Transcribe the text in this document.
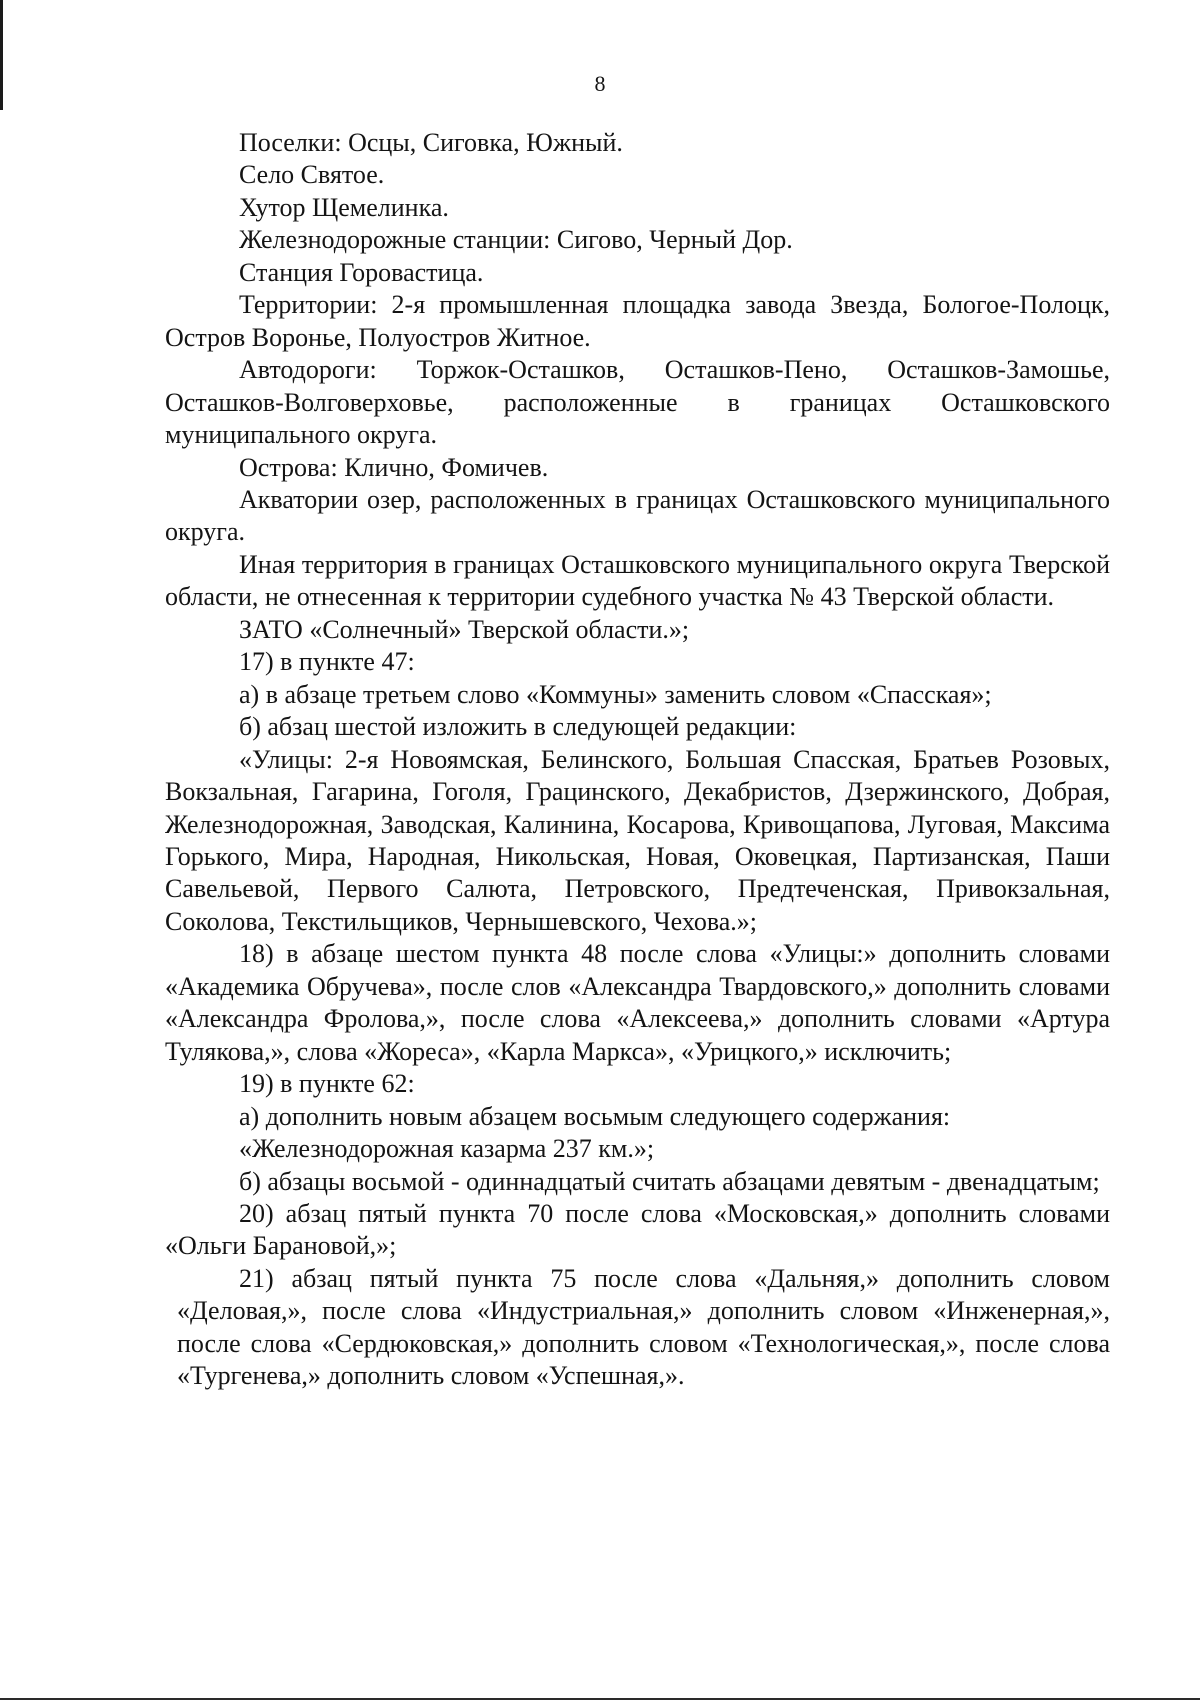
8

Поселки: Осцы, Сиговка, Южный.

Село Святое.

Хутор Щемелинка.

Железнодорожные станции: Сигово, Черный Дор.

Станция Горовастица.

Территории: 2-я промышленная площадка завода Звезда, Бологое-Полоцк, Остров Воронье, Полуостров Житное.

Автодороги: Торжок-Осташков, Осташков-Пено, Осташков-Замошье, Осташков-Волговерховье, расположенные в границах Осташковского муниципального округа.

Острова: Клично, Фомичев.

Акватории озер, расположенных в границах Осташковского муниципального округа.

Иная территория в границах Осташковского муниципального округа Тверской области, не отнесенная к территории судебного участка № 43 Тверской области.

ЗАТО «Солнечный» Тверской области.»;

17) в пункте 47:

а) в абзаце третьем слово «Коммуны» заменить словом «Спасская»;

б) абзац шестой изложить в следующей редакции:

«Улицы: 2-я Новоямская, Белинского, Большая Спасская, Братьев Розовых, Вокзальная, Гагарина, Гоголя, Грацинского, Декабристов, Дзержинского, Добрая, Железнодорожная, Заводская, Калинина, Косарова, Кривощапова, Луговая, Максима Горького, Мира, Народная, Никольская, Новая, Оковецкая, Партизанская, Паши Савельевой, Первого Салюта, Петровского, Предтеченская, Привокзальная, Соколова, Текстильщиков, Чернышевского, Чехова.»;

18) в абзаце шестом пункта 48 после слова «Улицы:» дополнить словами «Академика Обручева», после слов «Александра Твардовского,» дополнить словами «Александра Фролова,», после слова «Алексеева,» дополнить словами «Артура Тулякова,», слова «Жореса», «Карла Маркса», «Урицкого,» исключить;

19) в пункте 62:

а) дополнить новым абзацем восьмым следующего содержания:

«Железнодорожная казарма 237 км.»;

б) абзацы восьмой - одиннадцатый считать абзацами девятым - двенадцатым;

20) абзац пятый пункта 70 после слова «Московская,» дополнить словами «Ольги Барановой,»;

21) абзац пятый пункта 75 после слова «Дальняя,» дополнить словом «Деловая,», после слова «Индустриальная,» дополнить словом «Инженерная,», после слова «Сердюковская,» дополнить словом «Технологическая,», после слова «Тургенева,» дополнить словом «Успешная,».
